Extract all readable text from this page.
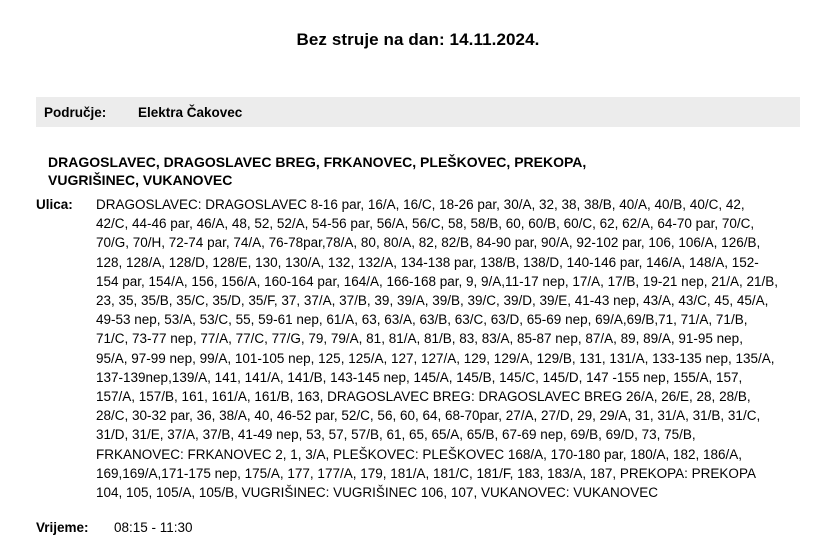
Bez struje na dan: 14.11.2024.
Područje:	Elektra Čakovec
DRAGOSLAVEC, DRAGOSLAVEC BREG, FRKANOVEC, PLEŠKOVEC, PREKOPA, VUGRIŠINEC, VUKANOVEC
Ulica:	DRAGOSLAVEC: DRAGOSLAVEC 8-16 par, 16/A, 16/C, 18-26 par, 30/A, 32, 38, 38/B, 40/A, 40/B, 40/C, 42, 42/C, 44-46 par, 46/A, 48, 52, 52/A, 54-56 par, 56/A, 56/C, 58, 58/B, 60, 60/B, 60/C, 62, 62/A, 64-70 par, 70/C, 70/G, 70/H, 72-74 par, 74/A, 76-78par,78/A, 80, 80/A, 82, 82/B, 84-90 par, 90/A, 92-102 par, 106, 106/A, 126/B, 128, 128/A, 128/D, 128/E, 130, 130/A, 132, 132/A, 134-138 par, 138/B, 138/D, 140-146 par, 146/A, 148/A, 152-154 par, 154/A, 156, 156/A, 160-164 par, 164/A, 166-168 par, 9, 9/A,11-17 nep, 17/A, 17/B, 19-21 nep, 21/A, 21/B, 23, 35, 35/B, 35/C, 35/D, 35/F, 37, 37/A, 37/B, 39, 39/A, 39/B, 39/C, 39/D, 39/E, 41-43 nep, 43/A, 43/C, 45, 45/A, 49-53 nep, 53/A, 53/C, 55, 59-61 nep, 61/A, 63, 63/A, 63/B, 63/C, 63/D, 65-69 nep, 69/A,69/B,71, 71/A, 71/B, 71/C, 73-77 nep, 77/A, 77/C, 77/G, 79, 79/A, 81, 81/A, 81/B, 83, 83/A, 85-87 nep, 87/A, 89, 89/A, 91-95 nep, 95/A, 97-99 nep, 99/A, 101-105 nep, 125, 125/A, 127, 127/A, 129, 129/A, 129/B, 131, 131/A, 133-135 nep, 135/A, 137-139nep,139/A, 141, 141/A, 141/B, 143-145 nep, 145/A, 145/B, 145/C, 145/D, 147 -155 nep, 155/A, 157, 157/A, 157/B, 161, 161/A, 161/B, 163, DRAGOSLAVEC BREG: DRAGOSLAVEC BREG 26/A, 26/E, 28, 28/B, 28/C, 30-32 par, 36, 38/A, 40, 46-52 par, 52/C, 56, 60, 64, 68-70par, 27/A, 27/D, 29, 29/A, 31, 31/A, 31/B, 31/C, 31/D, 31/E, 37/A, 37/B, 41-49 nep, 53, 57, 57/B, 61, 65, 65/A, 65/B, 67-69 nep, 69/B, 69/D, 73, 75/B, FRKANOVEC: FRKANOVEC 2, 1, 3/A, PLEŠKOVEC: PLEŠKOVEC 168/A, 170-180 par, 180/A, 182, 186/A, 169,169/A,171-175 nep, 175/A, 177, 177/A, 179, 181/A, 181/C, 181/F, 183, 183/A, 187, PREKOPA: PREKOPA 104, 105, 105/A, 105/B, VUGRIŠINEC: VUGRIŠINEC 106, 107, VUKANOVEC: VUKANOVEC
Vrijeme:	08:15 - 11:30
